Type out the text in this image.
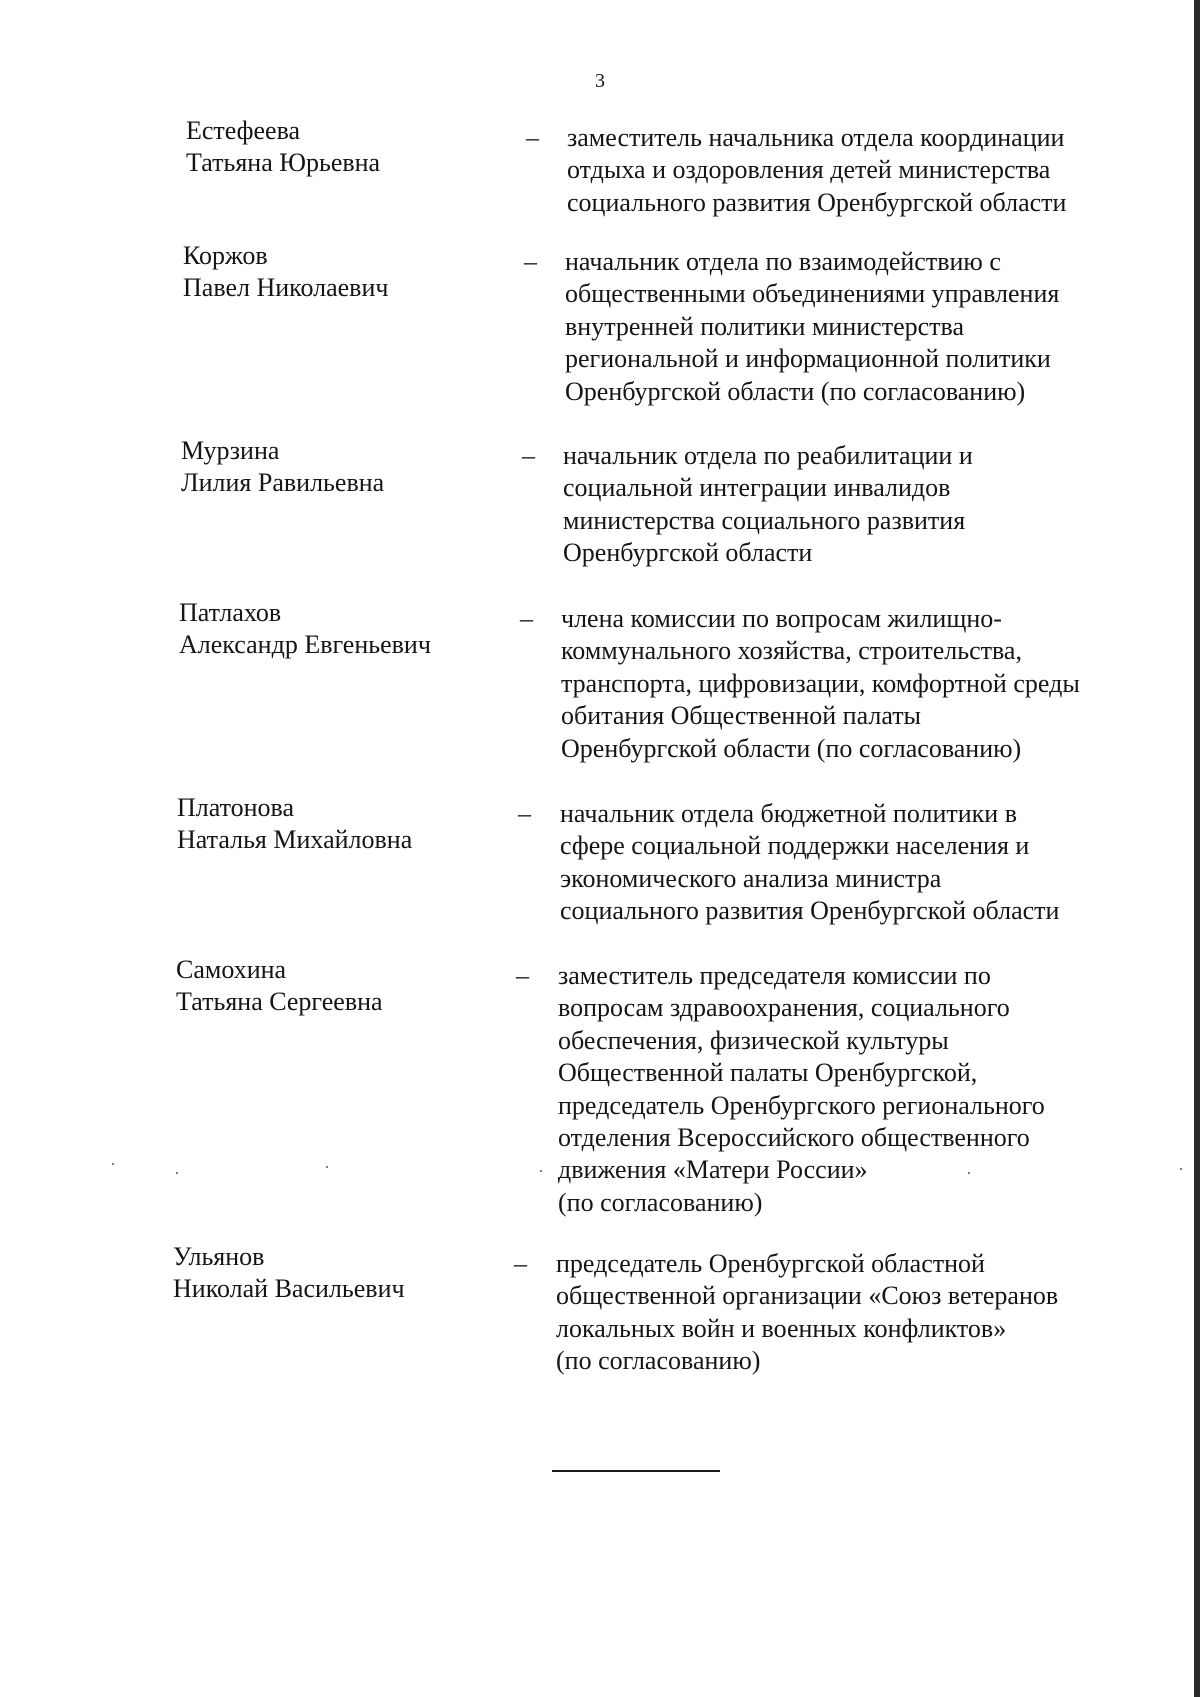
3
Естефеева
Татьяна Юрьевна
– заместитель начальника отдела координации
отдыха и оздоровления детей министерства
социального развития Оренбургской области
Коржов
Павел Николаевич
– начальник отдела по взаимодействию с
общественными объединениями управления
внутренней политики министерства
региональной и информационной политики
Оренбургской области (по согласованию)
Мурзина
Лилия Равильевна
– начальник отдела по реабилитации и
социальной интеграции инвалидов
министерства социального развития
Оренбургской области
Патлахов
Александр Евгеньевич
– члена комиссии по вопросам жилищно-
коммунального хозяйства, строительства,
транспорта, цифровизации, комфортной среды
обитания Общественной палаты
Оренбургской области (по согласованию)
Платонова
Наталья Михайловна
– начальник отдела бюджетной политики в
сфере социальной поддержки населения и
экономического анализа министра
социального развития Оренбургской области
Самохина
Татьяна Сергеевна
– заместитель председателя комиссии по
вопросам здравоохранения, социального
обеспечения, физической культуры
Общественной палаты Оренбургской,
председатель Оренбургского регионального
отделения Всероссийского общественного
движения «Матери России»
(по согласованию)
Ульянов
Николай Васильевич
– председатель Оренбургской областной
общественной организации «Союз ветеранов
локальных войн и военных конфликтов»
(по согласованию)
